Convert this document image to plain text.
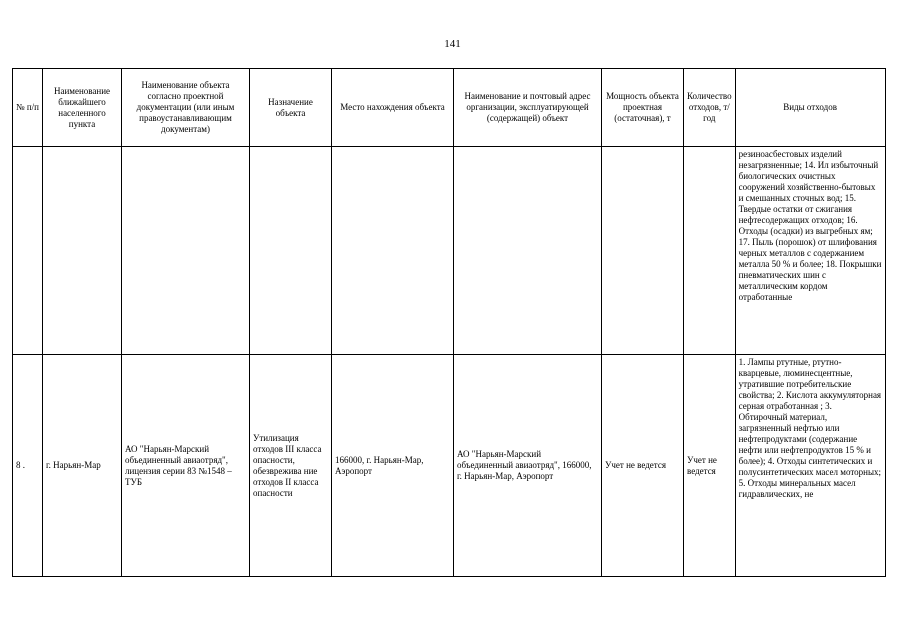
141
№ п/п	Наименование ближайшего населенного пункта	Наименование объекта согласно проектной документации (или иным правоустанавливающим документам)	Назначение объекта	Место нахождения объекта	Наименование и почтовый адрес организации, эксплуатирующей (содержащей) объект	Мощность объекта проектная (остаточная), т	Количество отходов, т/год	Виды отходов
								резиноасбестовых изделий незагрязненные; 14. Ил избыточный биологических очистных сооружений хозяйственно-бытовых и смешанных сточных вод; 15. Твердые остатки от сжигания нефтесодержащих отходов; 16. Отходы (осадки) из выгребных ям; 17. Пыль (порошок) от шлифования черных металлов с содержанием металла 50 % и более; 18. Покрышки пневматических шин с металлическим кордом отработанные
8 .	г. Нарьян-Мар	АО "Нарьян-Марский объединенный авиаотряд", лицензия серии 83 №1548 – ТУБ	Утилизация отходов III класса опасности, обезврежива ние отходов II класса опасности	166000, г. Нарьян-Мар, Аэропорт	АО "Нарьян-Марский объединенный авиаотряд", 166000, г. Нарьян-Мар, Аэропорт	Учет не ведется	Учет не ведется	1. Лампы ртутные, ртутно-кварцевые, люминесцентные, утратившие потребительские свойства; 2. Кислота аккумуляторная серная отработанная ; 3. Обтирочный материал, загрязненный нефтью или нефтепродуктами (содержание нефти или нефтепродуктов 15 % и более); 4. Отходы синтетических и полусинтетических масел моторных; 5. Отходы минеральных масел гидравлических, не
